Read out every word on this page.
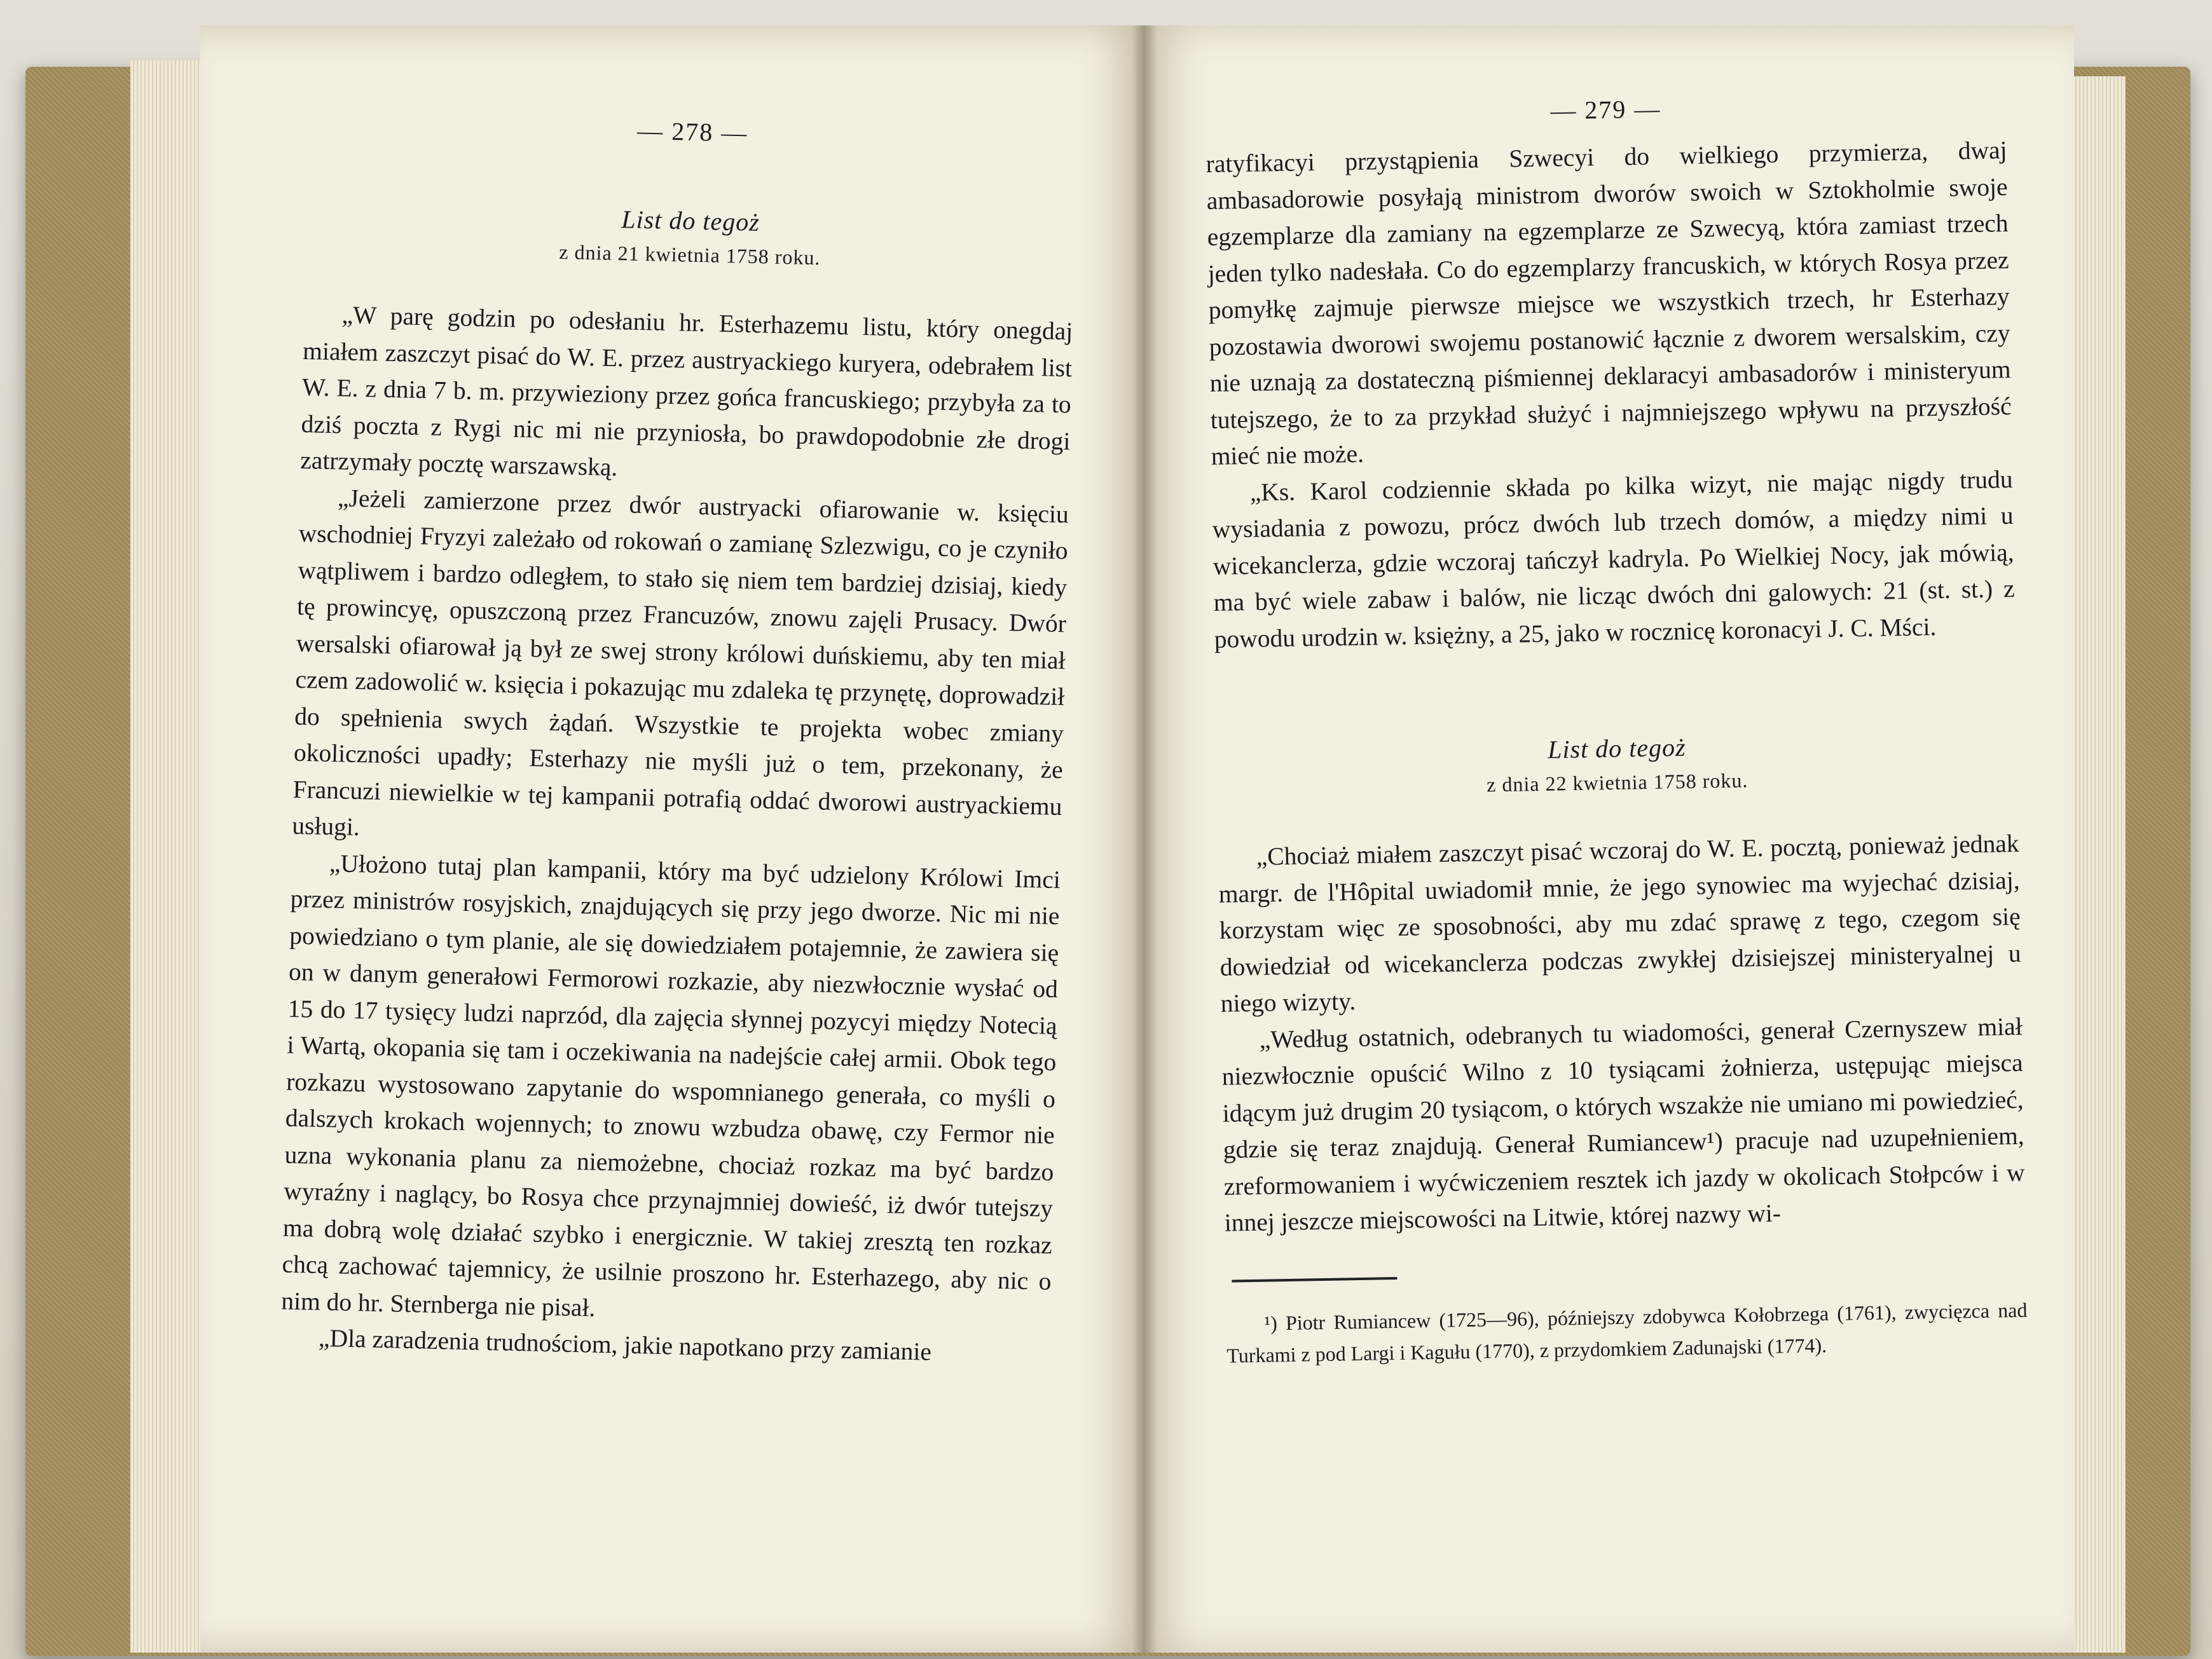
— 278 —
List do tegoż
z dnia 21 kwietnia 1758 roku.

„W parę godzin po odesłaniu hr. Esterhazemu listu, który onegdaj miałem zaszczyt pisać do W. E. przez austryackiego kuryera, odebrałem list W. E. z dnia 7 b. m. przywieziony przez gońca francuskiego; przybyła za to dziś poczta z Rygi nic mi nie przyniosła, bo prawdopodobnie złe drogi zatrzymały pocztę warszawską.

„Jeżeli zamierzone przez dwór austryacki ofiarowanie w. księciu wschodniej Fryzyi zależało od rokowań o zamianę Szlezwigu, co je czyniło wątpliwem i bardzo odległem, to stało się niem tem bardziej dzisiaj, kiedy tę prowincyę, opuszczoną przez Francuzów, znowu zajęli Prusacy. Dwór wersalski ofiarował ją był ze swej strony królowi duńskiemu, aby ten miał czem zadowolić w. księcia i pokazując mu zdaleka tę przynętę, doprowadził do spełnienia swych żądań. Wszystkie te projekta wobec zmiany okoliczności upadły; Esterhazy nie myśli już o tem, przekonany, że Francuzi niewielkie w tej kampanii potrafią oddać dworowi austryackiemu usługi.

„Ułożono tutaj plan kampanii, który ma być udzielony Królowi Imci przez ministrów rosyjskich, znajdujących się przy jego dworze. Nic mi nie powiedziano o tym planie, ale się dowiedziałem potajemnie, że zawiera się on w danym generałowi Fermorowi rozkazie, aby niezwłocznie wysłać od 15 do 17 tysięcy ludzi naprzód, dla zajęcia słynnej pozycyi między Notecią i Wartą, okopania się tam i oczekiwania na nadejście całej armii. Obok tego rozkazu wystosowano zapytanie do wspomnianego generała, co myśli o dalszych krokach wojennych; to znowu wzbudza obawę, czy Fermor nie uzna wykonania planu za niemożebne, chociaż rozkaz ma być bardzo wyraźny i naglący, bo Rosya chce przynajmniej dowieść, iż dwór tutejszy ma dobrą wolę działać szybko i energicznie. W takiej zresztą ten rozkaz chcą zachować tajemnicy, że usilnie proszono hr. Esterhazego, aby nic o nim do hr. Sternberga nie pisał.

„Dla zaradzenia trudnościom, jakie napotkano przy zamianie

— 279 —

ratyfikacyi przystąpienia Szwecyi do wielkiego przymierza, dwaj ambasadorowie posyłają ministrom dworów swoich w Sztokholmie swoje egzemplarze dla zamiany na egzemplarze ze Szwecyą, która zamiast trzech jeden tylko nadesłała. Co do egzemplarzy francuskich, w których Rosya przez pomyłkę zajmuje pierwsze miejsce we wszystkich trzech, hr Esterhazy pozostawia dworowi swojemu postanowić łącznie z dworem wersalskim, czy nie uznają za dostateczną piśmiennej deklaracyi ambasadorów i ministeryum tutejszego, że to za przykład służyć i najmniejszego wpływu na przyszłość mieć nie może.

„Ks. Karol codziennie składa po kilka wizyt, nie mając nigdy trudu wysiadania z powozu, prócz dwóch lub trzech domów, a między nimi u wicekanclerza, gdzie wczoraj tańczył kadryla. Po Wielkiej Nocy, jak mówią, ma być wiele zabaw i balów, nie licząc dwóch dni galowych: 21 (st. st.) z powodu urodzin w. księżny, a 25, jako w rocznicę koronacyi J. C. Mści.

List do tegoż
z dnia 22 kwietnia 1758 roku.

„Chociaż miałem zaszczyt pisać wczoraj do W. E. pocztą, ponieważ jednak margr. de l'Hôpital uwiadomił mnie, że jego synowiec ma wyjechać dzisiaj, korzystam więc ze sposobności, aby mu zdać sprawę z tego, czegom się dowiedział od wicekanclerza podczas zwykłej dzisiejszej ministeryalnej u niego wizyty.

„Według ostatnich, odebranych tu wiadomości, generał Czernyszew miał niezwłocznie opuścić Wilno z 10 tysiącami żołnierza, ustępując miejsca idącym już drugim 20 tysiącom, o których wszakże nie umiano mi powiedzieć, gdzie się teraz znajdują. Generał Rumiancew¹) pracuje nad uzupełnieniem, zreformowaniem i wyćwiczeniem resztek ich jazdy w okolicach Stołpców i w innej jeszcze miejscowości na Litwie, której nazwy wi-

¹) Piotr Rumiancew (1725—96), późniejszy zdobywca Kołobrzega (1761), zwycięzca nad Turkami z pod Largi i Kagułu (1770), z przydomkiem Zadunajski (1774).
